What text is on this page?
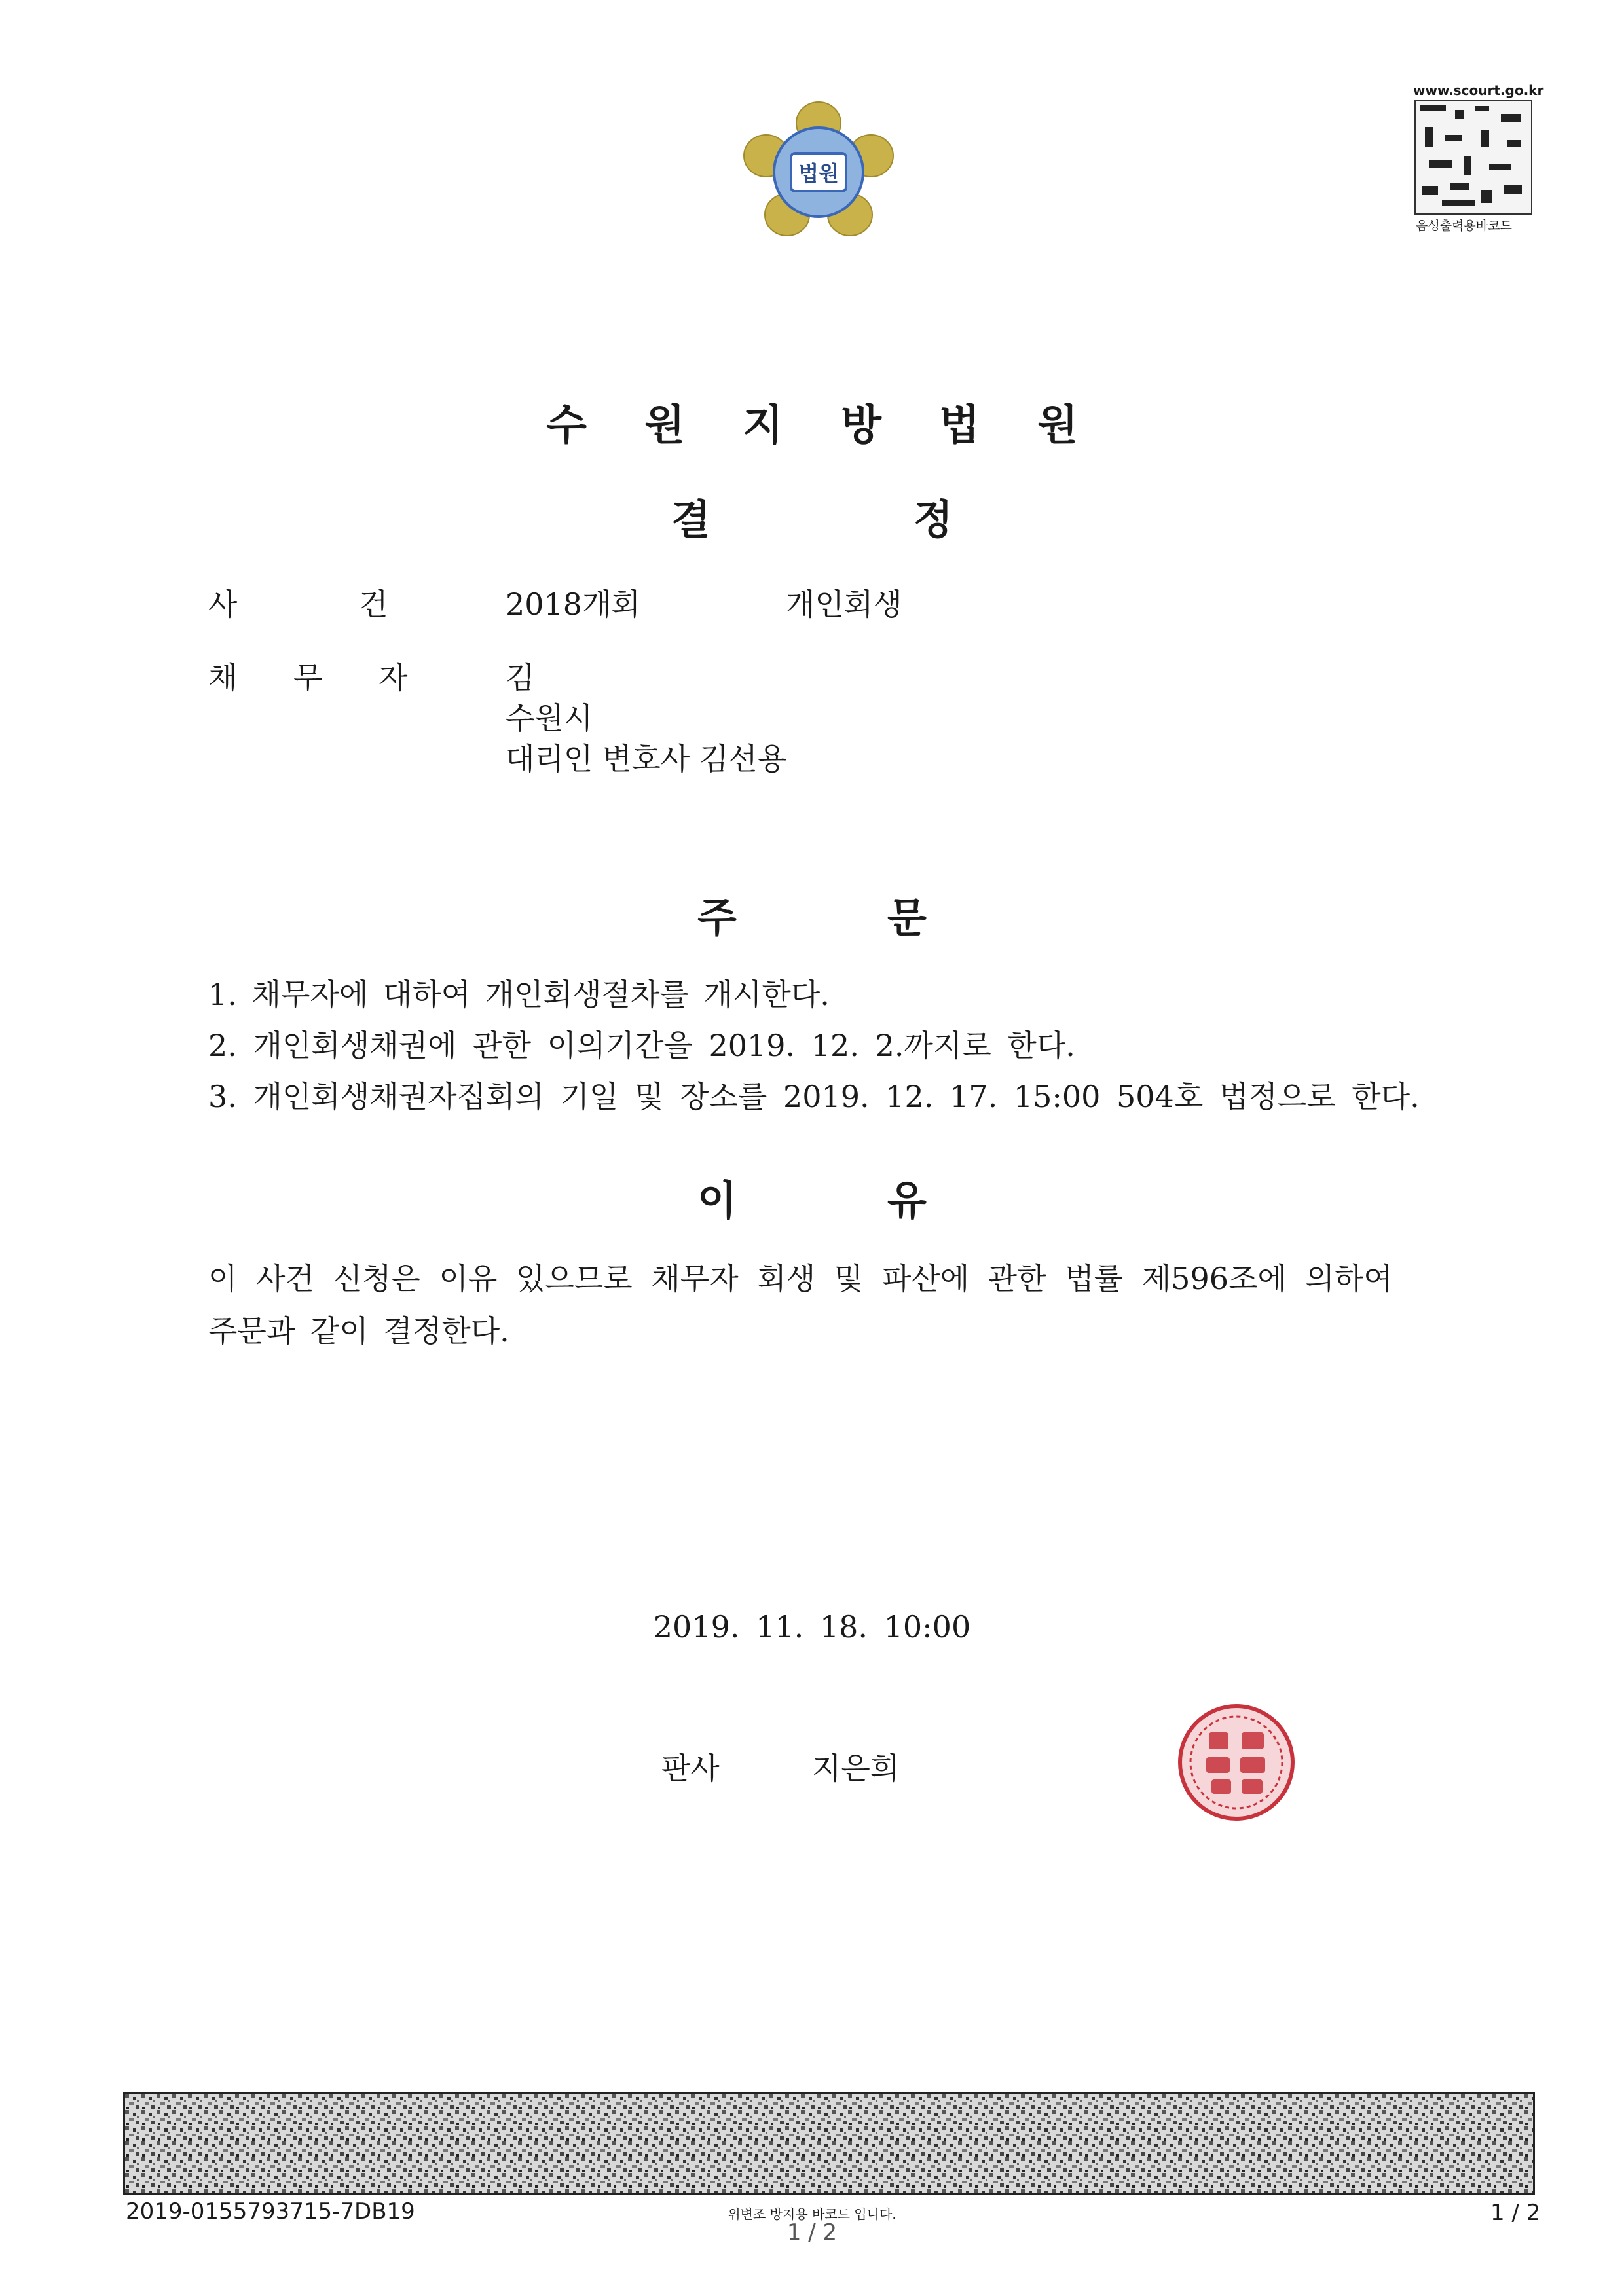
법원
www.scourt.go.kr
음성출력용바코드
수 원 지 방 법 원
결	정
사	건	2018개회	개인회생
채 무 자	김
수원시
대리인 변호사 김선용
주	문
1. 채무자에 대하여 개인회생절차를 개시한다.
2. 개인회생채권에 관한 이의기간을 2019. 12. 2.까지로 한다.
3. 개인회생채권자집회의 기일 및 장소를 2019. 12. 17. 15:00 504호 법정으로 한다.
이	유
이 사건 신청은 이유 있으므로 채무자 회생 및 파산에 관한 법률 제596조에 의하여
주문과 같이 결정한다.
2019. 11. 18. 10:00
판사	지은희
2019-0155793715-7DB19	위변조 방지용 바코드 입니다.
1 / 2
1 / 2
